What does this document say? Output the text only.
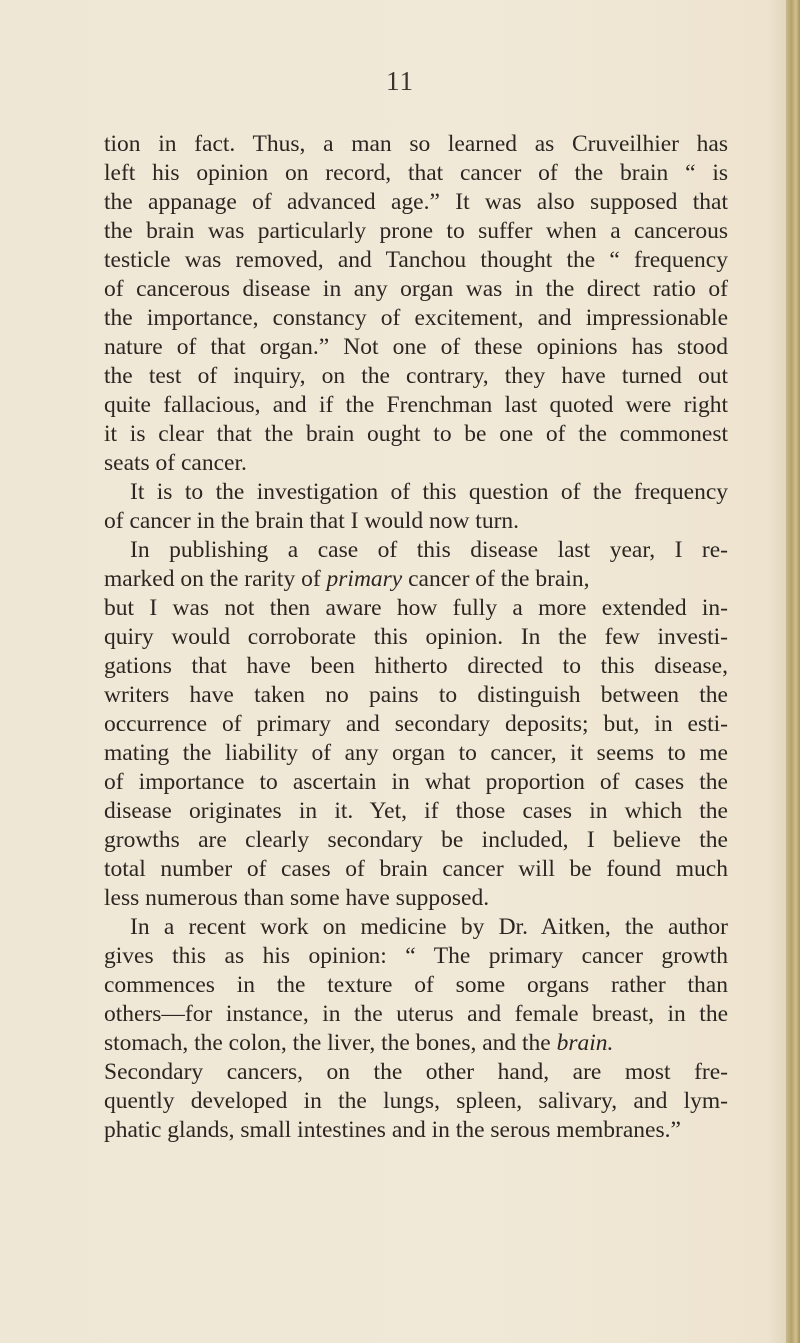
11
tion in fact. Thus, a man so learned as Cruveilhier has
left his opinion on record, that cancer of the brain “ is
the appanage of advanced age.” It was also supposed that
the brain was particularly prone to suffer when a cancerous
testicle was removed, and Tanchou thought the “ frequency
of cancerous disease in any organ was in the direct ratio of
the importance, constancy of excitement, and impressionable
nature of that organ.” Not one of these opinions has stood
the test of inquiry, on the contrary, they have turned out
quite fallacious, and if the Frenchman last quoted were right
it is clear that the brain ought to be one of the commonest
seats of cancer.
It is to the investigation of this question of the frequency
of cancer in the brain that I would now turn.
In publishing a case of this disease last year, I re-
marked on the rarity of primary cancer of the brain,
but I was not then aware how fully a more extended in-
quiry would corroborate this opinion. In the few investi-
gations that have been hitherto directed to this disease,
writers have taken no pains to distinguish between the
occurrence of primary and secondary deposits; but, in esti-
mating the liability of any organ to cancer, it seems to me
of importance to ascertain in what proportion of cases the
disease originates in it. Yet, if those cases in which the
growths are clearly secondary be included, I believe the
total number of cases of brain cancer will be found much
less numerous than some have supposed.
In a recent work on medicine by Dr. Aitken, the author
gives this as his opinion: “ The primary cancer growth
commences in the texture of some organs rather than
others—for instance, in the uterus and female breast, in the
stomach, the colon, the liver, the bones, and the brain.
Secondary cancers, on the other hand, are most fre-
quently developed in the lungs, spleen, salivary, and lym-
phatic glands, small intestines and in the serous membranes.”
